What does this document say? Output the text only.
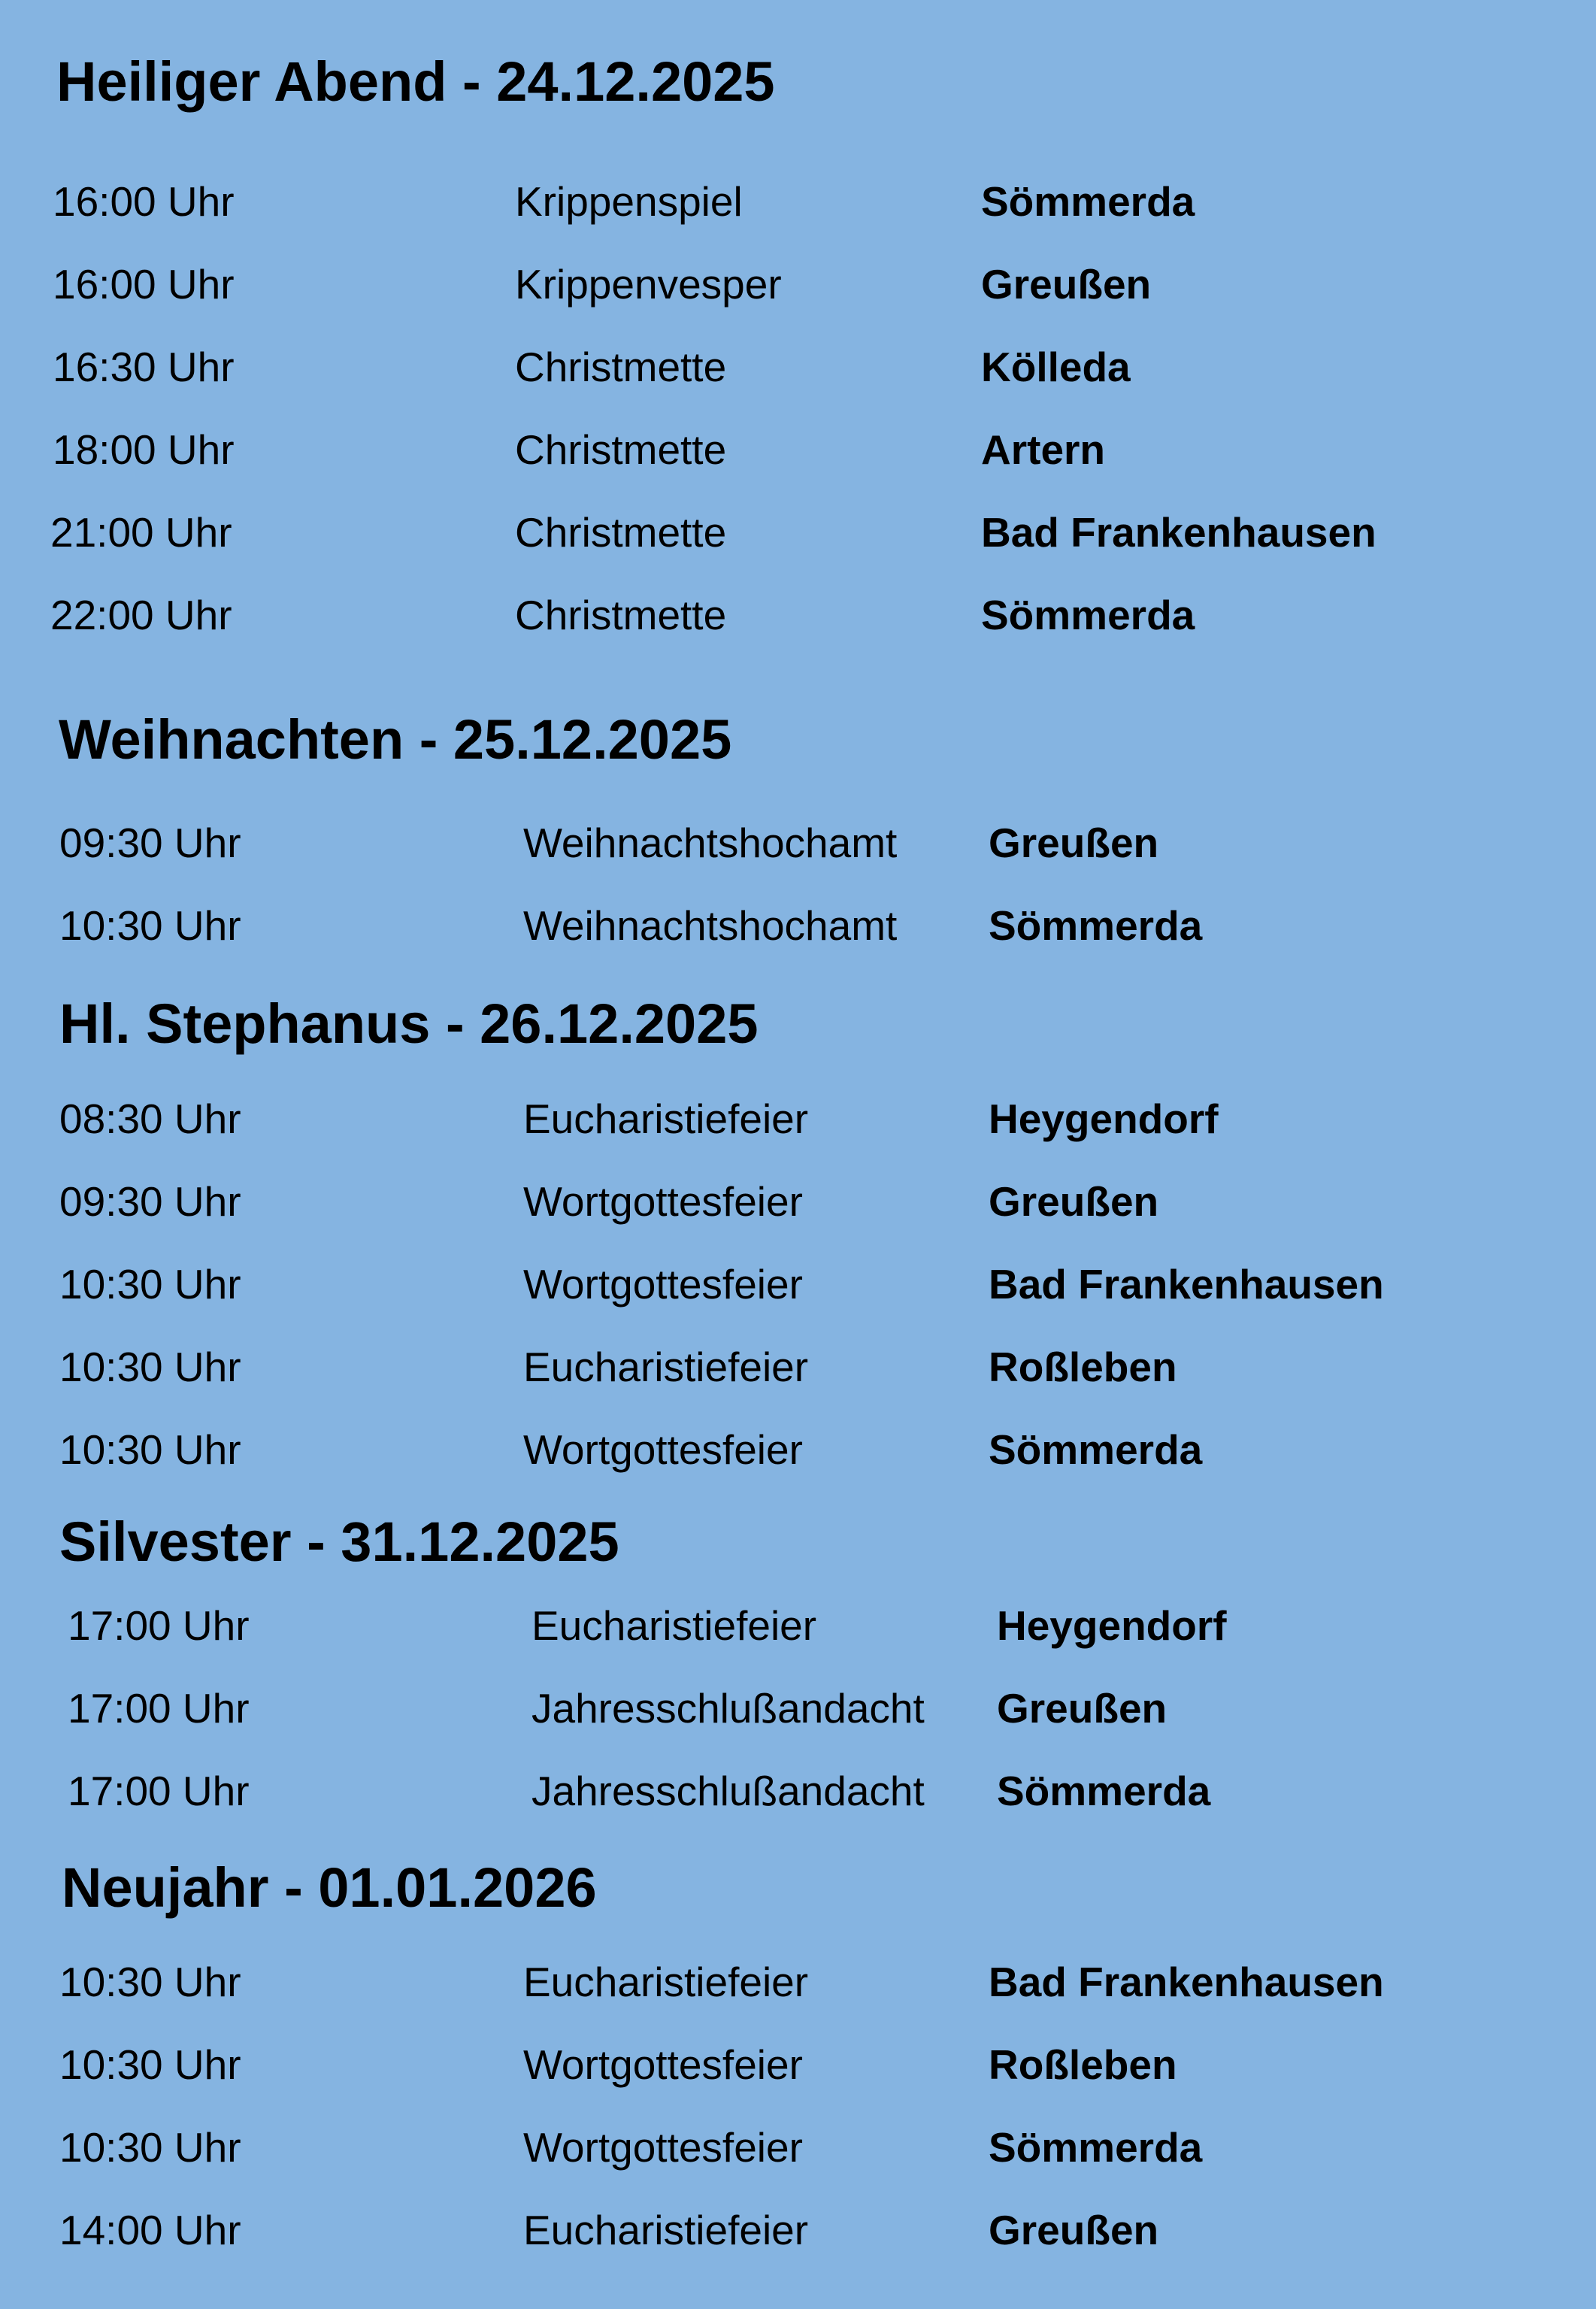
Heiliger Abend - 24.12.2025
16:00 Uhr	Krippenspiel	Sömmerda
16:00 Uhr	Krippenvesper	Greußen
16:30 Uhr	Christmette	Kölleda
18:00 Uhr	Christmette	Artern
21:00 Uhr	Christmette	Bad Frankenhausen
22:00 Uhr	Christmette	Sömmerda
Weihnachten - 25.12.2025
09:30 Uhr	Weihnachtshochamt Greußen
10:30 Uhr	Weihnachtshochamt Sömmerda
Hl. Stephanus - 26.12.2025
08:30 Uhr	Eucharistiefeier	Heygendorf
09:30 Uhr	Wortgottesfeier	Greußen
10:30 Uhr	Wortgottesfeier	Bad Frankenhausen
10:30 Uhr	Eucharistiefeier	Roßleben
10:30 Uhr	Wortgottesfeier	Sömmerda
Silvester - 31.12.2025
17:00 Uhr	Eucharistiefeier	Heygendorf
17:00 Uhr	Jahresschlußandacht Greußen
17:00 Uhr	Jahresschlußandacht Sömmerda
Neujahr - 01.01.2026
10:30 Uhr	Eucharistiefeier	Bad Frankenhausen
10:30 Uhr	Wortgottesfeier	Roßleben
10:30 Uhr	Wortgottesfeier	Sömmerda
14:00 Uhr	Eucharistiefeier	Greußen
